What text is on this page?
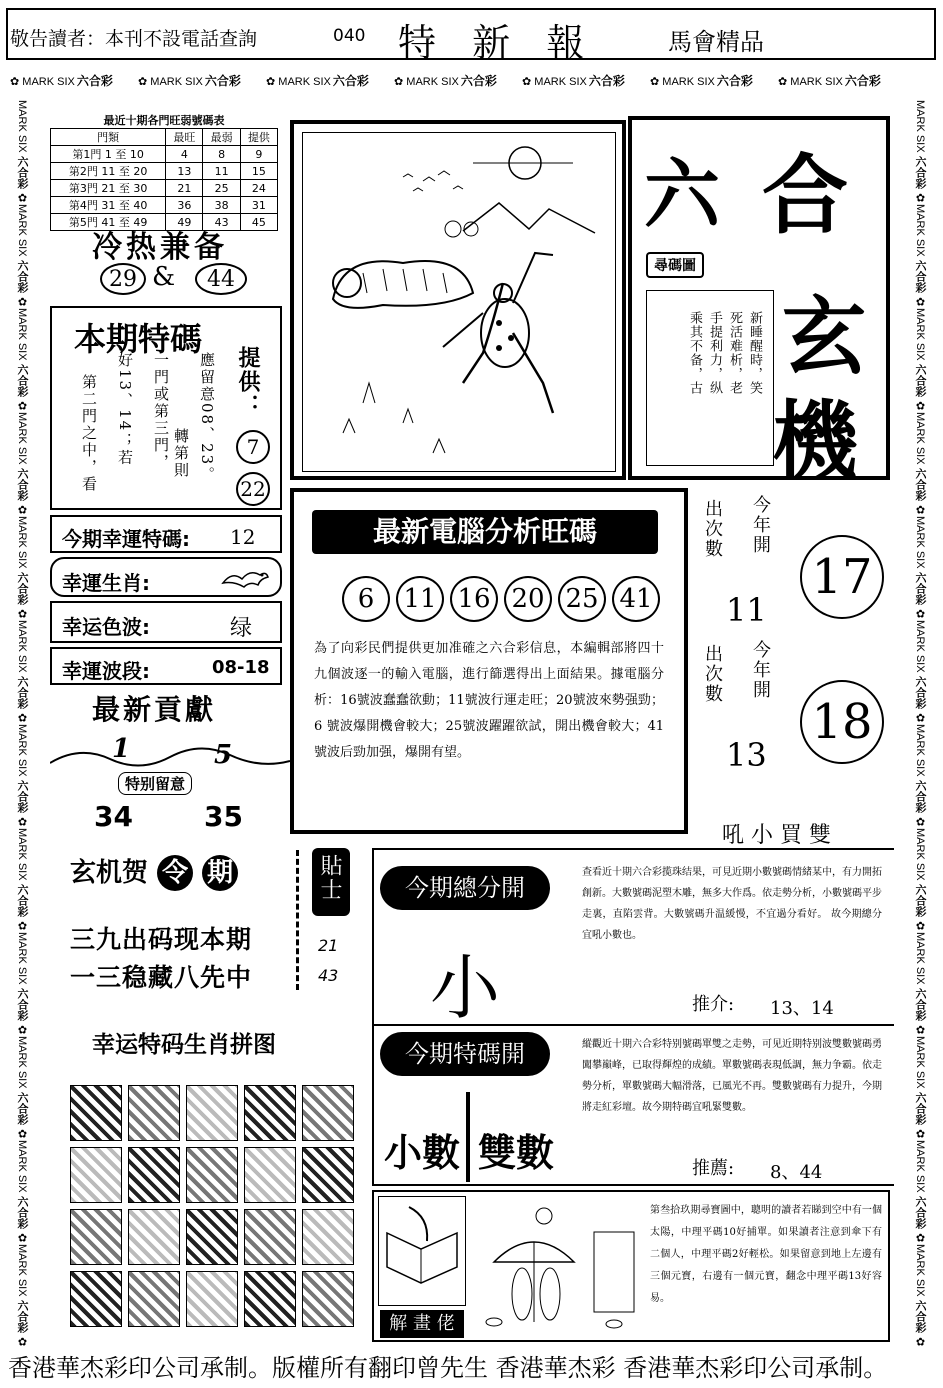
敬告讀者：本刊不設電話查詢	040 特  新  報	馬會精品
✿ MARK SIX 六合彩 ✿ MARK SIX 六合彩 ✿ MARK SIX 六合彩 ✿ MARK SIX 六合彩 ✿ MARK SIX 六合彩 ✿ MARK SIX 六合彩 ✿ MARK SIX 六合彩
MARK SIX 六合彩 ✿
MARK SIX 六合彩 ✿
MARK SIX 六合彩 ✿
MARK SIX 六合彩 ✿
MARK SIX 六合彩 ✿
MARK SIX 六合彩 ✿
MARK SIX 六合彩 ✿
MARK SIX 六合彩 ✿
MARK SIX 六合彩 ✿
MARK SIX 六合彩 ✿
MARK SIX 六合彩 ✿
MARK SIX 六合彩 ✿
MARK SIX 六合彩 ✿
MARK SIX 六合彩 ✿
MARK SIX 六合彩 ✿
MARK SIX 六合彩 ✿
MARK SIX 六合彩 ✿
MARK SIX 六合彩 ✿
MARK SIX 六合彩 ✿
MARK SIX 六合彩 ✿
MARK SIX 六合彩 ✿
MARK SIX 六合彩 ✿
MARK SIX 六合彩 ✿
MARK SIX 六合彩 ✿
最近十期各門旺弱號碼表
門類	最旺	最弱	提供
第1門 1 至 10	4	8	9
第2門 11 至 20	13	11	15
第3門 21 至 30	21	25	24
第4門 31 至 40	36	38	31
第5門 41 至 49	49	43	45
冷热兼备
29 & 44
本期特碼
第二門之中，看 好13、14；若 一門或第三門， 轉第則 應留意08、23。 提供：
7
22
今期幸運特碼: 12
幸運生肖:
幸运色波:	绿
幸運波段:	08-18
最新貢獻
1	5
特别留意
34	35
玄机贺 令 期
三九出码现本期
一三稳藏八先中
貼士
21
43
幸运特码生肖拼图
最新電腦分析旺碼
6	11 16 20 25 41
為了向彩民們提供更加准確之六合彩信息，本編輯部將四十九個波逐一的輸入電腦，進行篩選得出上面結果。據電腦分析：16號波蠢蠢欲動；11號波行運走旺；20號波來勢强勁；6 號波爆開機會較大；25號波躍躍欲試，開出機會較大；41號波后勁加强，爆開有望。
六 合
玄
機
尋碼圖
新睡醒時，笑
死活难析，老
手提利力，纵
乘其不备，古
出次數 今年開
17
11
出次數 今年開
18
13
吼 小 買 雙
今期總分開
小
查看近十期六合彩揽珠结果，可見近期小數號碼情緒某中，有力開拓創新。大數號碼泥塑木雕，無多大作爲。依走勢分析，小數號碼平步走裏，直陷雲背。大數號碼升温緩慢，不宜過分看好。 故今期總分宜吼小數也。
推介: 13、14
今期特碼開
小數 雙數
縱觀近十期六合彩特别號碼單雙之走勢，可见近期特别波雙數號碼勇闖攀巔峰，已取得輝煌的成績。單數號碼表現低調，無力争霸。依走勢分析，單數號碼大幅滑落，已風光不再。雙數號碼有力提升，今期將走紅彩壇。故今期特碼宜吼緊雙數。
推薦: 8、44
解 畫 佬
第叁拾玖期尋寶圖中，聰明的讀者若睇到空中有一個太陽，中理平碼10好捕單。如果讀者注意到傘下有二個人，中理平碼2好輕松。如果留意到地上左邊有三個元寶，右邊有一個元寶，翻念中理平碼13好容易。
香港華杰彩印公司承制。版權所有翻印曾先生 香港華杰彩 香港華杰彩印公司承制。
